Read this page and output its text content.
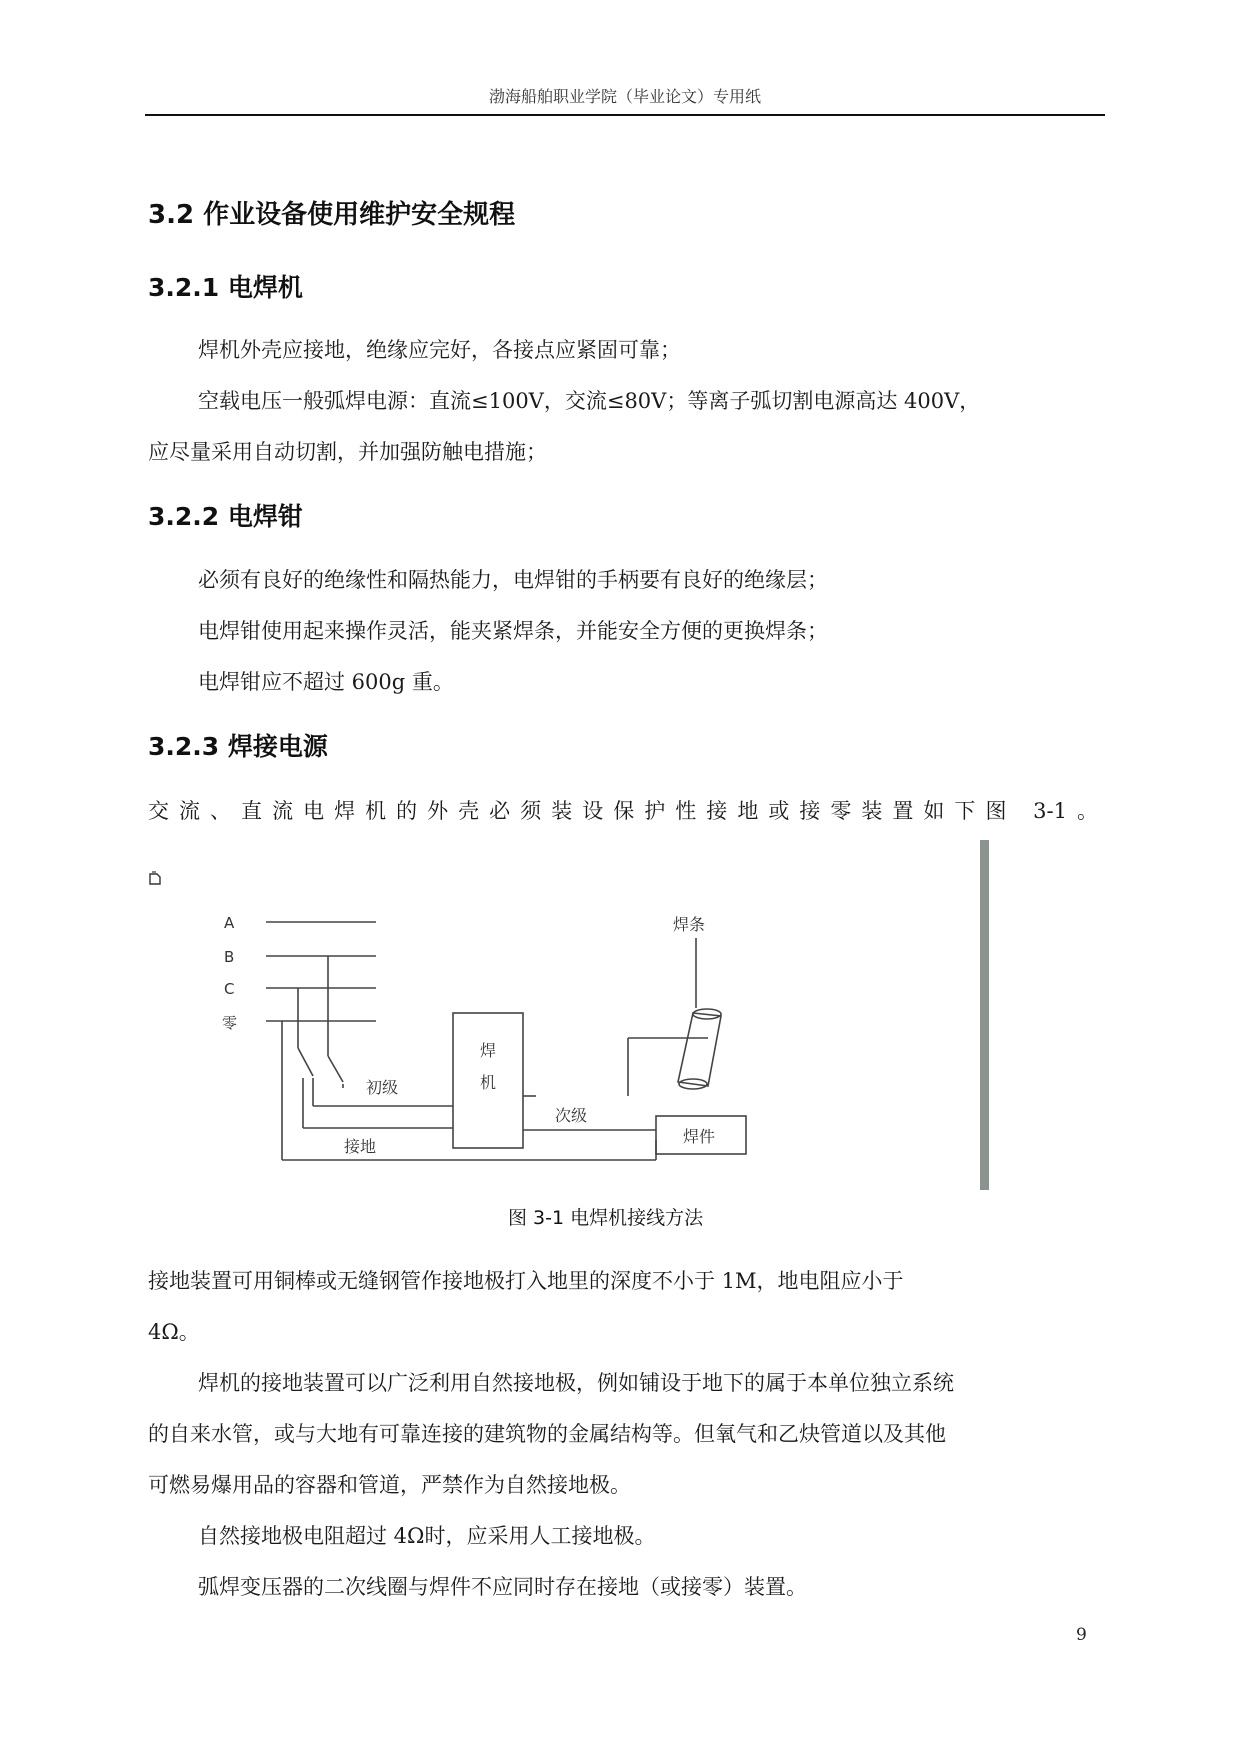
渤海船舶职业学院（毕业论文）专用纸
3.2 作业设备使用维护安全规程
3.2.1 电焊机
焊机外壳应接地，绝缘应完好，各接点应紧固可靠；
空载电压一般弧焊电源：直流≤100V，交流≤80V；等离子弧切割电源高达 400V，
应尽量采用自动切割，并加强防触电措施；
3.2.2 电焊钳
必须有良好的绝缘性和隔热能力，电焊钳的手柄要有良好的绝缘层；
电焊钳使用起来操作灵活，能夹紧焊条，并能安全方便的更换焊条；
电焊钳应不超过 600g 重。
3.2.3 焊接电源
交流、直流电焊机的外壳必须装设保护性接地或接零装置如下图 3-1。
A
B
C
零
初级
焊
机
次级
接地
焊条
焊件
图 3-1 电焊机接线方法
接地装置可用铜棒或无缝钢管作接地极打入地里的深度不小于 1M，地电阻应小于
4Ω。
焊机的接地装置可以广泛利用自然接地极，例如铺设于地下的属于本单位独立系统
的自来水管，或与大地有可靠连接的建筑物的金属结构等。但氧气和乙炔管道以及其他
可燃易爆用品的容器和管道，严禁作为自然接地极。
自然接地极电阻超过 4Ω时，应采用人工接地极。
弧焊变压器的二次线圈与焊件不应同时存在接地（或接零）装置。
9
